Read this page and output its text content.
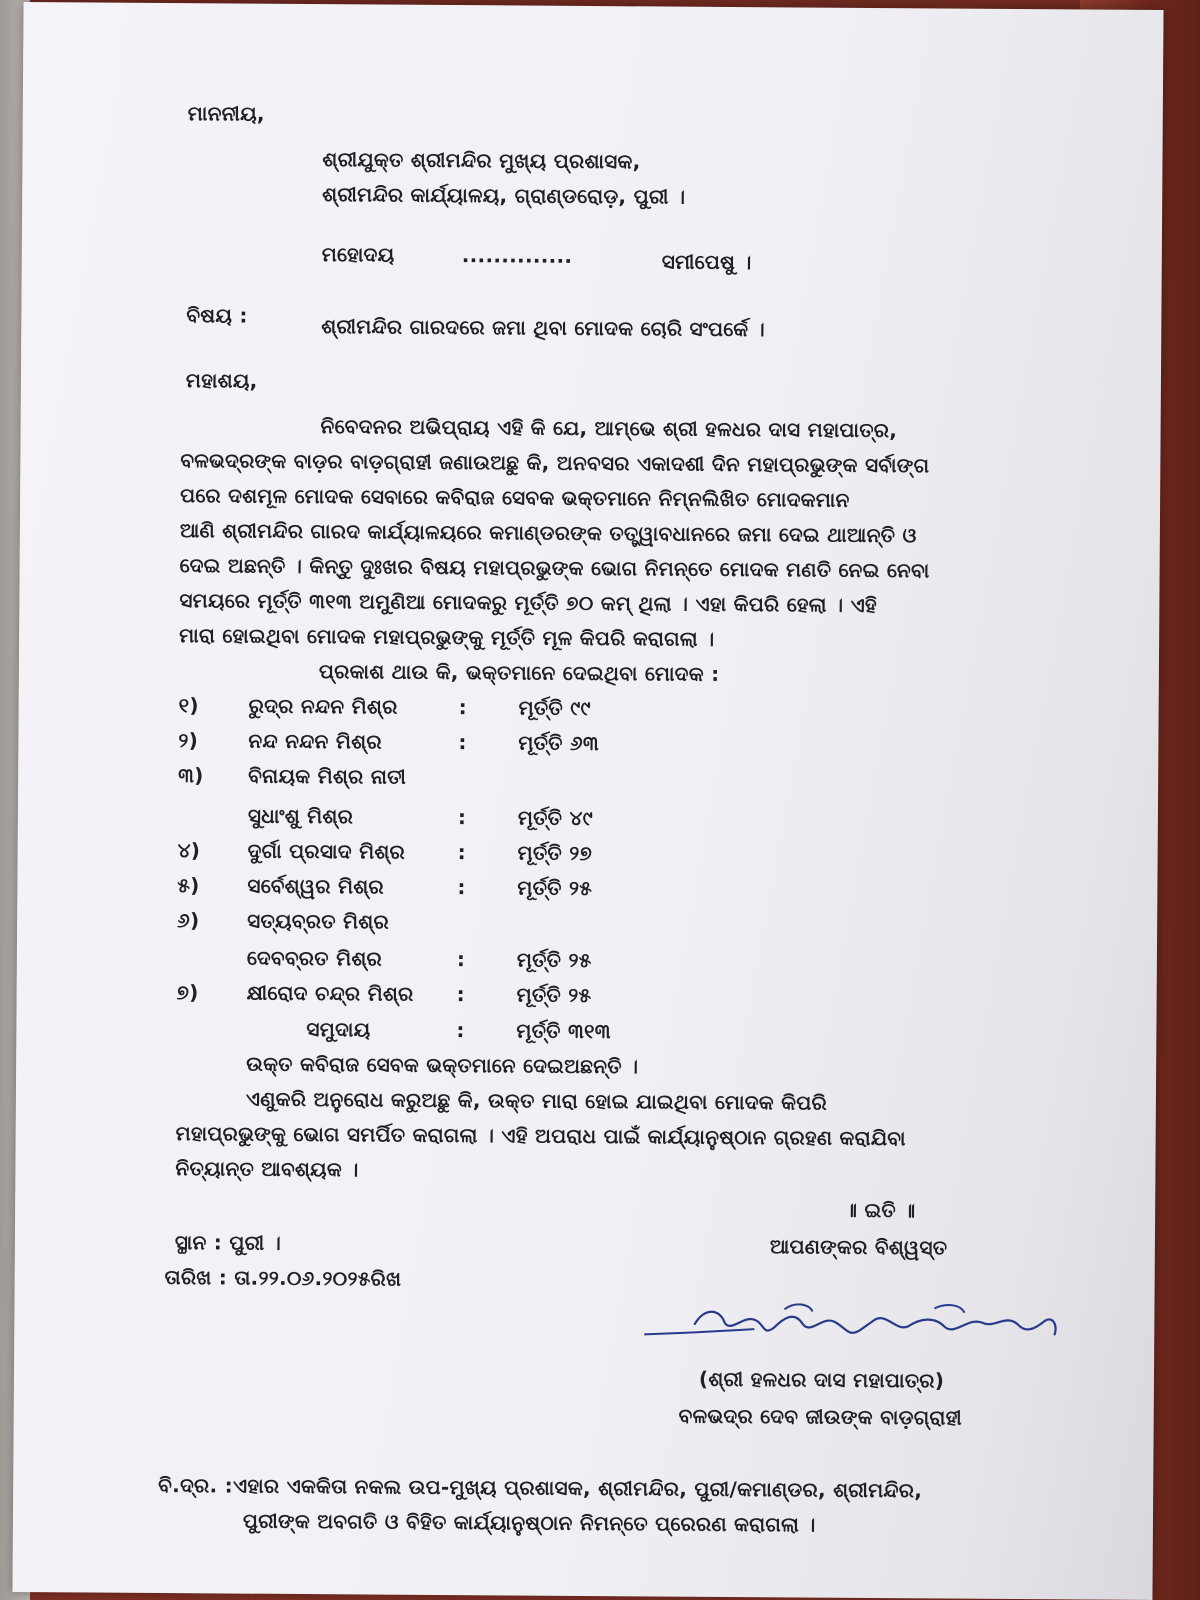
ମାନନୀୟ,
ଶ୍ରୀଯୁକ୍ତ ଶ୍ରୀମନ୍ଦିର ମୁଖ୍ୟ ପ୍ରଶାସକ,
ଶ୍ରୀମନ୍ଦିର କାର୍ଯ୍ୟାଳୟ, ଗ୍ରାଣ୍ଡରୋଡ଼, ପୁରୀ ।
ମହୋଦୟ	..............	ସମୀପେଷୁ ।
ବିଷୟ :	ଶ୍ରୀମନ୍ଦିର ଗାରଦରେ ଜମା ଥିବା ମୋଦକ ଚୋରି ସଂପର୍କେ ।
ମହାଶୟ,
ନିବେଦନର ଅଭିପ୍ରାୟ ଏହି କି ଯେ, ଆମ୍ଭେ ଶ୍ରୀ ହଳଧର ଦାସ ମହାପାତ୍ର,
ବଳଭଦ୍ରଙ୍କ ବାଡ଼ର ବାଡ଼ଗ୍ରାହୀ ଜଣାଉଅଛୁ କି, ଅନବସର ଏକାଦଶୀ ଦିନ ମହାପ୍ରଭୁଙ୍କ ସର୍ବାଙ୍ଗ
ପରେ ଦଶମୂଳ ମୋଦକ ସେବାରେ କବିରାଜ ସେବକ ଭକ୍ତମାନେ ନିମ୍ନଲିଖିତ ମୋଦକମାନ
ଆଣି ଶ୍ରୀମନ୍ଦିର ଗାରଦ କାର୍ଯ୍ୟାଳୟରେ କମାଣ୍ଡରଙ୍କ ତତ୍ତ୍ୱାବଧାନରେ ଜମା ଦେଇ ଥାଆନ୍ତି ଓ
ଦେଇ ଅଛନ୍ତି । କିନ୍ତୁ ଦୁଃଖର ବିଷୟ ମହାପ୍ରଭୁଙ୍କ ଭୋଗ ନିମନ୍ତେ ମୋଦକ ମଣତି ନେଇ ନେବା
ସମୟରେ ମୂର୍ତ୍ତି ୩୧୩ ଅମୁଣିଆ ମୋଦକରୁ ମୂର୍ତ୍ତି ୭୦ କମ୍ ଥିଲା । ଏହା କିପରି ହେଲା । ଏହି
ମାରା ହୋଇଥିବା ମୋଦକ ମହାପ୍ରଭୁଙ୍କୁ ମୂର୍ତ୍ତି ମୂଳ କିପରି କରାଗଲା ।
ପ୍ରକାଶ ଥାଉ କି, ଭକ୍ତମାନେ ଦେଇଥିବା ମୋଦକ :
୧) ରୁଦ୍ର ନନ୍ଦନ ମିଶ୍ର	:	ମୂର୍ତ୍ତି ୯୯
୨)	ନନ୍ଦ ନନ୍ଦନ ମିଶ୍ର	:	ମୂର୍ତ୍ତି ୬୩
୩) ବିନାୟକ ମିଶ୍ର ନାତୀ
ସୁଧାଂଶୁ ମିଶ୍ର	:	ମୂର୍ତ୍ତି ୪୯
୪) ଦୁର୍ଗା ପ୍ରସାଦ ମିଶ୍ର	:	ମୂର୍ତ୍ତି ୨୭
୫) ସର୍ବେଶ୍ୱର ମିଶ୍ର	:	ମୂର୍ତ୍ତି ୨୫
୬) ସତ୍ୟବ୍ରତ ମିଶ୍ର
ଦେବବ୍ରତ ମିଶ୍ର	:	ମୂର୍ତ୍ତି ୨୫
୭) କ୍ଷୀରୋଦ ଚନ୍ଦ୍ର ମିଶ୍ର :	ମୂର୍ତ୍ତି ୨୫
ସମୁଦାୟ	:	ମୂର୍ତ୍ତି ୩୧୩
ଉକ୍ତ କବିରାଜ ସେବକ ଭକ୍ତମାନେ ଦେଇଅଛନ୍ତି ।
ଏଣୁକରି ଅନୁରୋଧ କରୁଅଛୁ କି, ଉକ୍ତ ମାରା ହୋଇ ଯାଇଥିବା ମୋଦକ କିପରି
ମହାପ୍ରଭୁଙ୍କୁ ଭୋଗ ସମର୍ପିତ କରାଗଲା । ଏହି ଅପରାଧ ପାଇଁ କାର୍ଯ୍ୟାନୁଷ୍ଠାନ ଗ୍ରହଣ କରାଯିବା
ନିତ୍ୟାନ୍ତ ଆବଶ୍ୟକ ।
॥ ଇତି ॥
ଆପଣଙ୍କର ବିଶ୍ୱସ୍ତ
ସ୍ଥାନ : ପୁରୀ ।
ତାରିଖ : ତା.୨୨.୦୬.୨୦୨୫ରିଖ
(ଶ୍ରୀ ହଳଧର ଦାସ ମହାପାତ୍ର)
ବଳଭଦ୍ର ଦେବ ଜୀଉଙ୍କ ବାଡ଼ଗ୍ରାହୀ
ବି.ଦ୍ର. :ଏହାର ଏକକିତା ନକଲ ଉପ-ମୁଖ୍ୟ ପ୍ରଶାସକ, ଶ୍ରୀମନ୍ଦିର, ପୁରୀ/କମାଣ୍ଡର, ଶ୍ରୀମନ୍ଦିର,
ପୁରୀଙ୍କ ଅବଗତି ଓ ବିହିତ କାର୍ଯ୍ୟାନୁଷ୍ଠାନ ନିମନ୍ତେ ପ୍ରେରଣ କରାଗଲା ।
